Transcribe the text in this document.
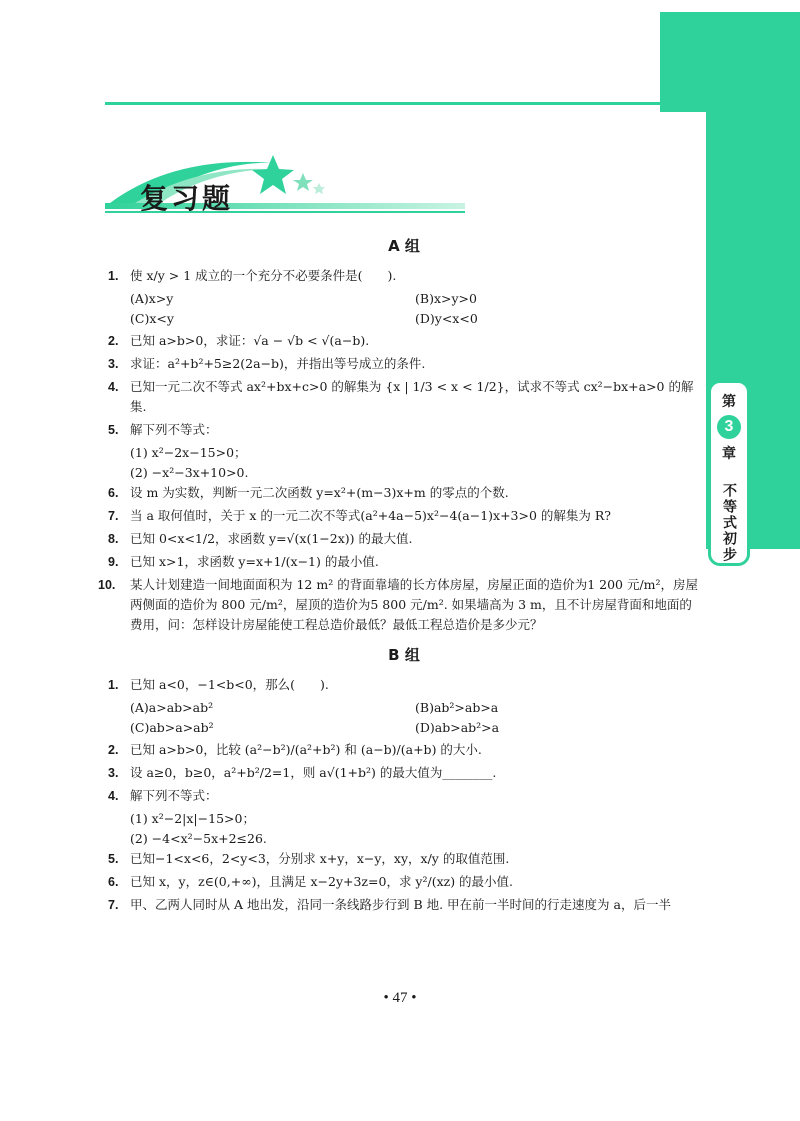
第
3
章
不等式初步
复习题
A 组
1. 使 x/y > 1 成立的一个充分不必要条件是(　　).
(A)x>y	(B)x>y>0
(C)x<y	(D)y<x<0
2. 已知 a>b>0，求证：√a − √b < √(a−b).
3. 求证：a²+b²+5≥2(2a−b)，并指出等号成立的条件.
4. 已知一元二次不等式 ax²+bx+c>0 的解集为 {x | 1/3 < x < 1/2}，试求不等式 cx²−bx+a>0 的解集.
5. 解下列不等式：
(1) x²−2x−15>0；
(2) −x²−3x+10>0.
6. 设 m 为实数，判断一元二次函数 y=x²+(m−3)x+m 的零点的个数.
7. 当 a 取何值时，关于 x 的一元二次不等式(a²+4a−5)x²−4(a−1)x+3>0 的解集为 R?
8. 已知 0<x<1/2，求函数 y=√(x(1−2x)) 的最大值.
9. 已知 x>1，求函数 y=x+1/(x−1) 的最小值.
10. 某人计划建造一间地面面积为 12 m² 的背面靠墙的长方体房屋，房屋正面的造价为1 200 元/m²，房屋两侧面的造价为 800 元/m²，屋顶的造价为5 800 元/m². 如果墙高为 3 m，且不计房屋背面和地面的费用，问：怎样设计房屋能使工程总造价最低？最低工程总造价是多少元？
B 组
1. 已知 a<0，−1<b<0，那么(　　).
(A)a>ab>ab²	(B)ab²>ab>a
(C)ab>a>ab²	(D)ab>ab²>a
2. 已知 a>b>0，比较 (a²−b²)/(a²+b²) 和 (a−b)/(a+b) 的大小.
3. 设 a≥0，b≥0，a²+b²/2=1，则 a√(1+b²) 的最大值为________.
4. 解下列不等式：
(1) x²−2|x|−15>0；
(2) −4<x²−5x+2≤26.
5. 已知−1<x<6，2<y<3，分别求 x+y，x−y，xy，x/y 的取值范围.
6. 已知 x，y，z∈(0,+∞)，且满足 x−2y+3z=0，求 y²/(xz) 的最小值.
7. 甲、乙两人同时从 A 地出发，沿同一条线路步行到 B 地. 甲在前一半时间的行走速度为 a，后一半
• 47 •
